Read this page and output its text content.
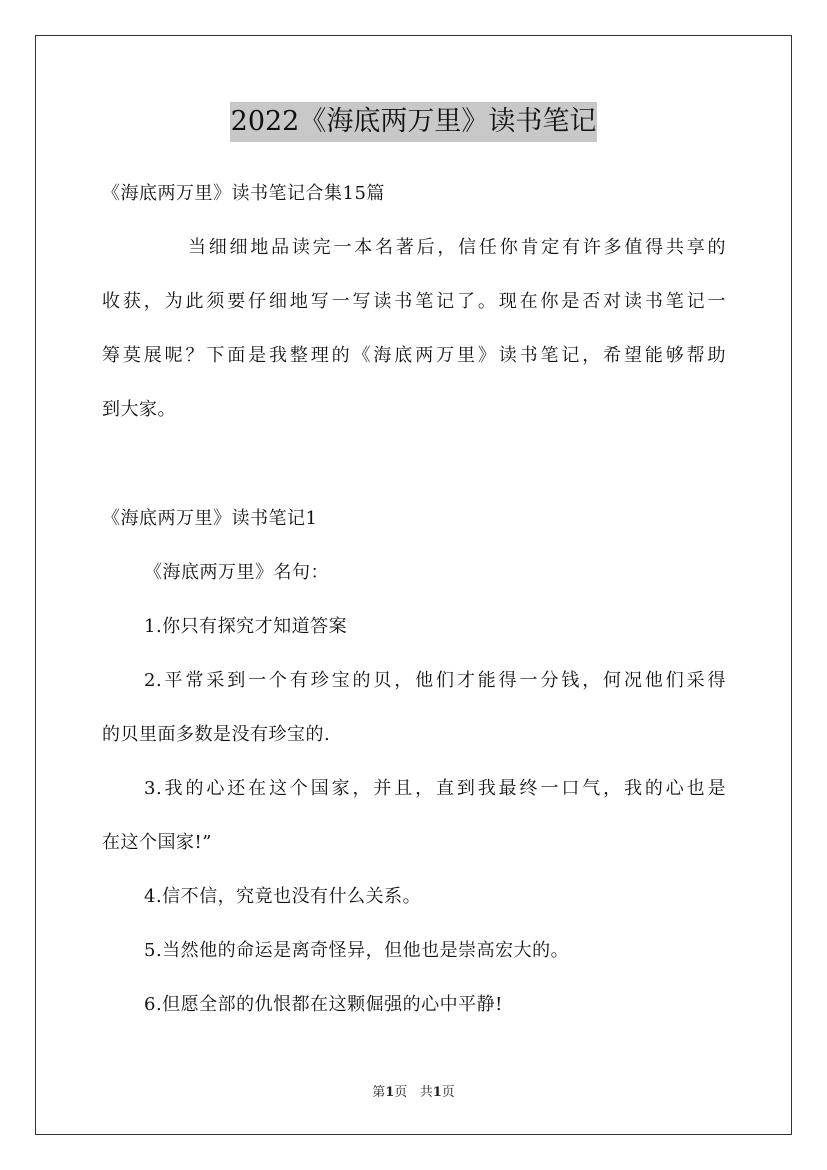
2022《海底两万里》读书笔记
《海底两万里》读书笔记合集15篇
当细细地品读完一本名著后，信任你肯定有许多值得共享的
收获，为此须要仔细地写一写读书笔记了。现在你是否对读书笔记一
筹莫展呢？下面是我整理的《海底两万里》读书笔记，希望能够帮助
到大家。
《海底两万里》读书笔记1
《海底两万里》名句：
1.你只有探究才知道答案
2.平常采到一个有珍宝的贝，他们才能得一分钱，何况他们采得
的贝里面多数是没有珍宝的.
3.我的心还在这个国家，并且，直到我最终一口气，我的心也是
在这个国家!”
4.信不信，究竟也没有什么关系。
5.当然他的命运是离奇怪异，但他也是崇高宏大的。
6.但愿全部的仇恨都在这颗倔强的心中平静!
第1页   共1页
